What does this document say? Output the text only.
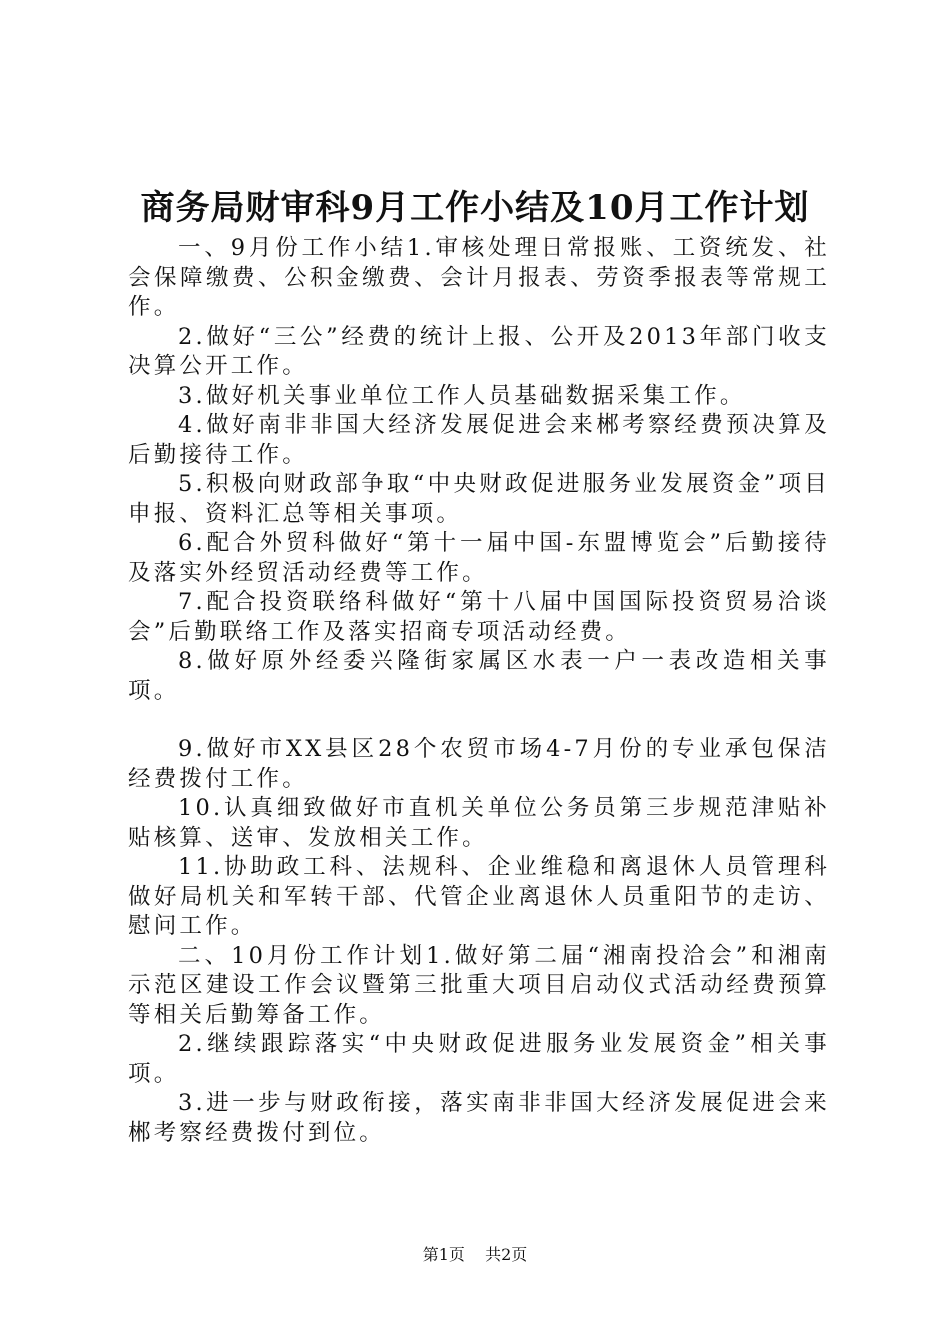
商务局财审科9月工作小结及10月工作计划

一、9月份工作小结1.审核处理日常报账、工资统发、社会保障缴费、公积金缴费、会计月报表、劳资季报表等常规工作。

2.做好“三公”经费的统计上报、公开及2013年部门收支决算公开工作。

3.做好机关事业单位工作人员基础数据采集工作。

4.做好南非非国大经济发展促进会来郴考察经费预决算及后勤接待工作。

5.积极向财政部争取“中央财政促进服务业发展资金”项目申报、资料汇总等相关事项。

6.配合外贸科做好“第十一届中国-东盟博览会”后勤接待及落实外经贸活动经费等工作。

7.配合投资联络科做好“第十八届中国国际投资贸易洽谈会”后勤联络工作及落实招商专项活动经费。

8.做好原外经委兴隆街家属区水表一户一表改造相关事项。

9.做好市XX县区28个农贸市场4-7月份的专业承包保洁经费拨付工作。

10.认真细致做好市直机关单位公务员第三步规范津贴补贴核算、送审、发放相关工作。

11.协助政工科、法规科、企业维稳和离退休人员管理科做好局机关和军转干部、代管企业离退休人员重阳节的走访、慰问工作。

二、10月份工作计划1.做好第二届“湘南投洽会”和湘南示范区建设工作会议暨第三批重大项目启动仪式活动经费预算等相关后勤筹备工作。

2.继续跟踪落实“中央财政促进服务业发展资金”相关事项。

3.进一步与财政衔接，落实南非非国大经济发展促进会来郴考察经费拨付到位。

第1页 共2页
